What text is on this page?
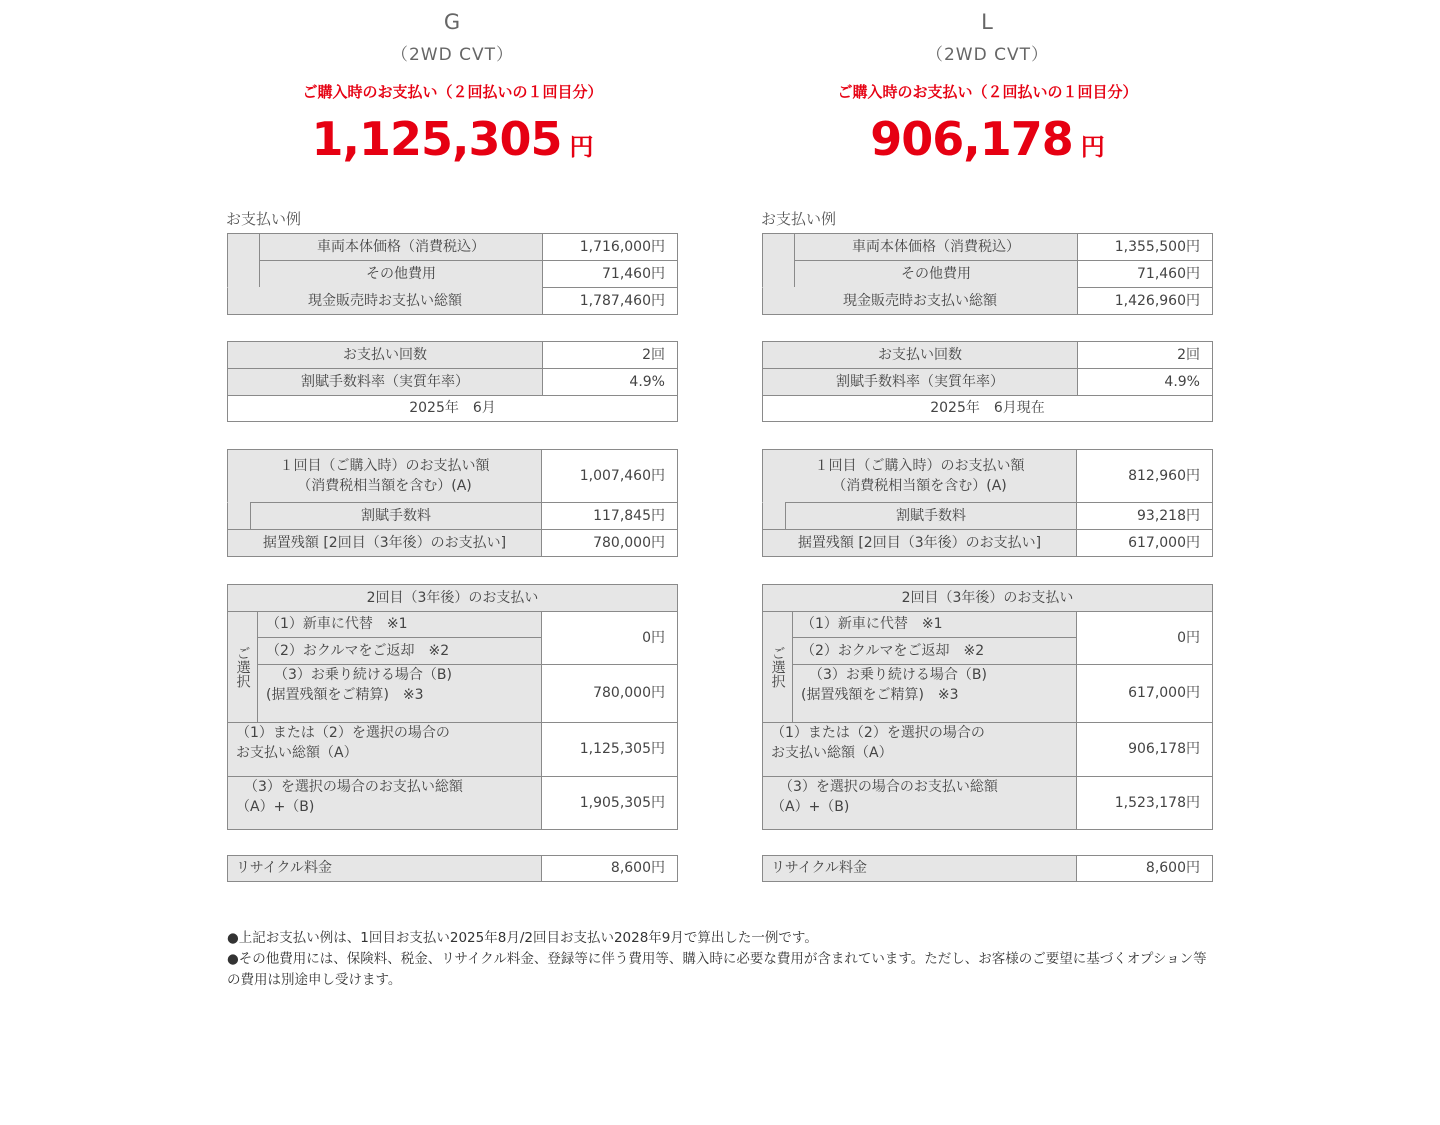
G
（2WD CVT）
ご購入時のお支払い（２回払いの１回目分）
1,125,305 円
お支払い例
車両本体価格（消費税込）	1,716,000円
その他費用	71,460円
現金販売時お支払い総額	1,787,460円
お支払い回数	2回
割賦手数料率（実質年率）	4.9%
2025年　6月
１回目（ご購入時）のお支払い額
（消費税相当額を含む）(A)
1,007,460円
割賦手数料	117,845円
据置残額 [2回目（3年後）のお支払い]	780,000円
2回目（3年後）のお支払い
ご選択
（1）新車に代替　※1
（2）おクルマをご返却　※2
0円
（3）お乗り続ける場合（B)
(据置残額をご精算)　※3	780,000円
（1）または（2）を選択の場合の
お支払い総額（A）	1,125,305円
（3）を選択の場合のお支払い総額
（A）+（B)	1,905,305円
リサイクル料金	8,600円
L
（2WD CVT）
ご購入時のお支払い（２回払いの１回目分）
906,178 円
お支払い例
車両本体価格（消費税込）	1,355,500円
その他費用	71,460円
現金販売時お支払い総額	1,426,960円
お支払い回数	2回
割賦手数料率（実質年率）	4.9%
2025年　6月現在
１回目（ご購入時）のお支払い額
（消費税相当額を含む）(A)
812,960円
割賦手数料	93,218円
据置残額 [2回目（3年後）のお支払い]	617,000円
2回目（3年後）のお支払い
ご選択
（1）新車に代替　※1
（2）おクルマをご返却　※2
0円
（3）お乗り続ける場合（B)
(据置残額をご精算)　※3	617,000円
（1）または（2）を選択の場合の
お支払い総額（A）	906,178円
（3）を選択の場合のお支払い総額
（A）+（B)	1,523,178円
リサイクル料金	8,600円

●上記お支払い例は、1回目お支払い2025年8月/2回目お支払い2028年9月で算出した一例です。

●その他費用には、保険料、税金、リサイクル料金、登録等に伴う費用等、購入時に必要な費用が含まれています。ただし、お客様のご要望に基づくオプション等の費用は別途申し受けます。
